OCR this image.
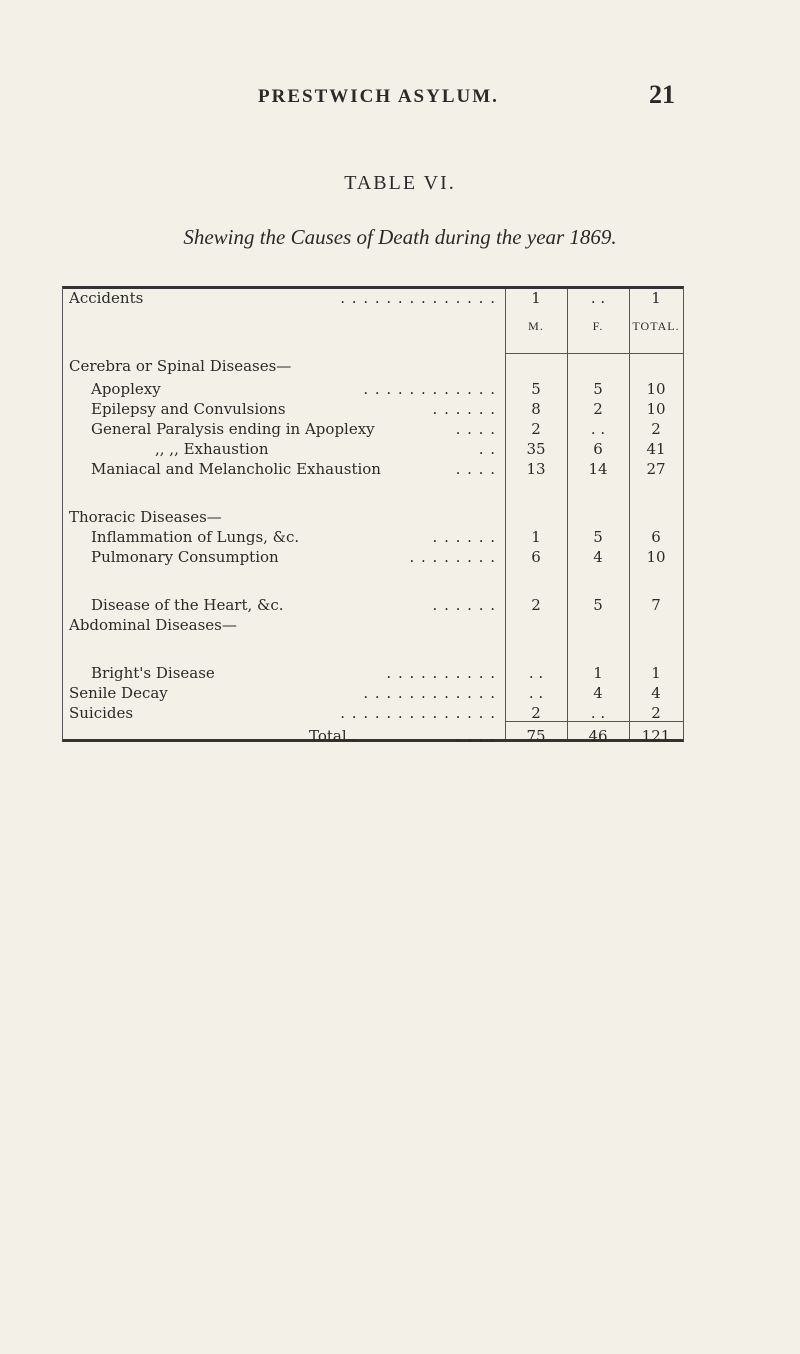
PRESTWICH ASYLUM.	21
TABLE VI.
Shewing the Causes of Death during the year 1869.
M.	F.	TOTAL.
Cerebra or Spinal Diseases—
Apoplexy	. . . . . . . . . . . .	5	5	10
Epilepsy and Convulsions	. . . . . .	8	2	10
General Paralysis ending in Apoplexy	. . . .	2	. .	2
,, ,, Exhaustion	. .	35	6	41
Maniacal and Melancholic Exhaustion	. . . .	13	14	27
Thoracic Diseases—
Inflammation of Lungs, &c.	. . . . . .	1	5	6
Pulmonary Consumption	. . . . . . . .	6	4	10
Disease of the Heart, &c.	. . . . . .	2	5	7
Abdominal Diseases—
Bright's Disease	. . . . . . . . . .	. .	1	1
Senile Decay	. . . . . . . . . . . .	. .	4	4
Suicides	. . . . . . . . . . . . . .	2	. .	2
Accidents	. . . . . . . . . . . . . .	1	. .	1
Total..	. . . .	75	46	121
